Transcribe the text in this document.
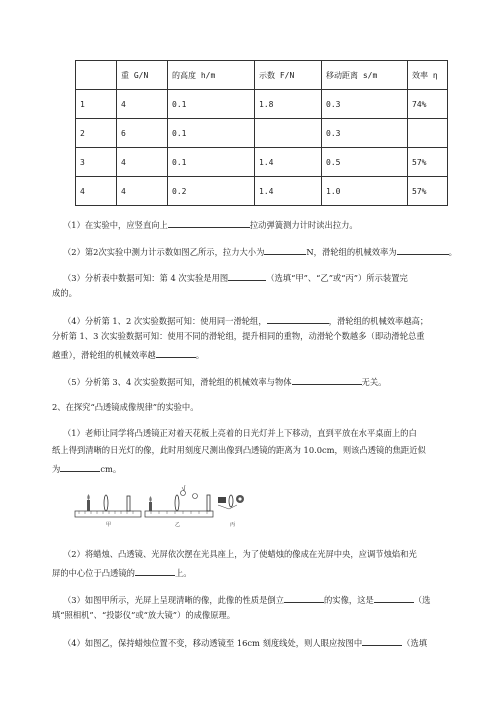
	重 G/N	的高度 h/m	示数 F/N	移动距离 s/m	效率 η
1	4	0.1	1.8	0.3	74%
2	6	0.1		0.3	
3	4	0.1	1.4	0.5	57%
4	4	0.2	1.4	1.0	57%
（1）在实验中，应竖直向上	拉动弹簧测力计时读出拉力。
（2）第2次实验中测力计示数如图乙所示，拉力大小为	N，滑轮组的机械效率为	。
（3）分析表中数据可知：第 4 次实验是用图	（选填“甲”、“乙”或“丙”）所示装置完
成的。
（4）分析第 1、2 次实验数据可知：使用同一滑轮组，	，滑轮组的机械效率越高；
分析第 1、3 次实验数据可知：使用不同的滑轮组，提升相同的重物，动滑轮个数越多（即动滑轮总重
越重），滑轮组的机械效率越	。
（5）分析第 3、4 次实验数据可知，滑轮组的机械效率与物体	无关。
2、在探究“凸透镜成像规律”的实验中。
（1）老师让同学将凸透镜正对着天花板上亮着的日光灯并上下移动，直到平放在水平桌面上的白
纸上得到清晰的日光灯的像，此时用刻度尺测出像到凸透镜的距离为 10.0cm，则该凸透镜的焦距近似
为	cm。
甲	乙	丙
（2）将蜡烛、凸透镜、光屏依次摆在光具座上，为了使蜡烛的像成在光屏中央，应调节烛焰和光
屏的中心位于凸透镜的	上。
（3）如图甲所示，光屏上呈现清晰的像，此像的性质是倒立	的实像，这是	（选
填“照相机”、“投影仪”或“放大镜”）的成像原理。
（4）如图乙，保持蜡烛位置不变，移动透镜至 16cm 刻度线处，则人眼应按图中	（选填
